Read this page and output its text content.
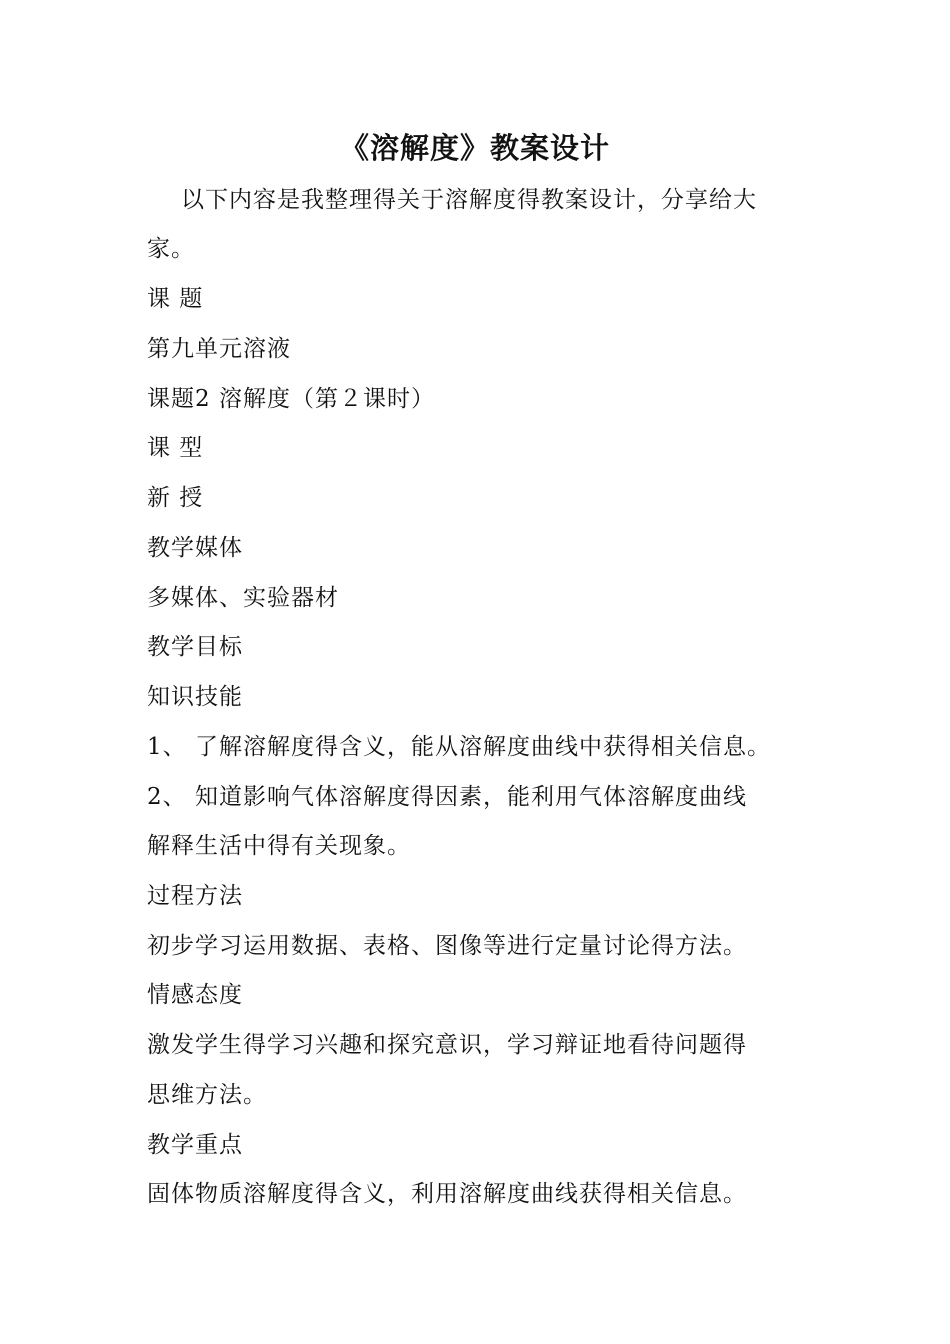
《溶解度》教案设计

以下内容是我整理得关于溶解度得教案设计，分享给大

家。

课 题

第九单元溶液

课题2 溶解度（第２课时）

课 型

新 授

教学媒体

多媒体、实验器材

教学目标

知识技能

1、 了解溶解度得含义，能从溶解度曲线中获得相关信息。

2、 知道影响气体溶解度得因素，能利用气体溶解度曲线

解释生活中得有关现象。

过程方法

初步学习运用数据、表格、图像等进行定量讨论得方法。

情感态度

激发学生得学习兴趣和探究意识，学习辩证地看待问题得

思维方法。

教学重点

固体物质溶解度得含义，利用溶解度曲线获得相关信息。
